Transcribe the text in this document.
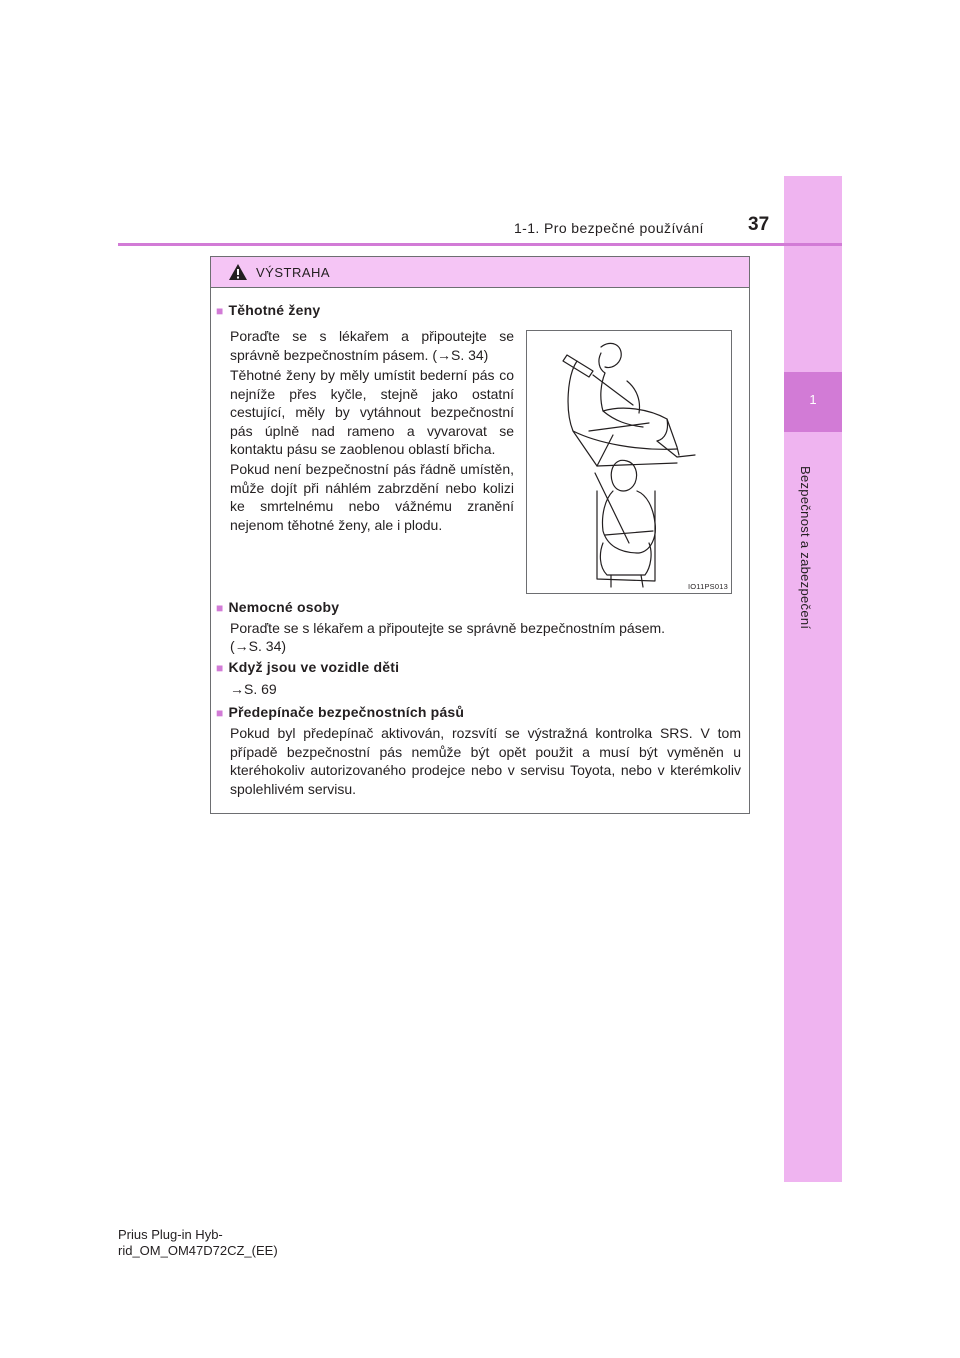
1
Bezpečnost a zabezpečení
1-1. Pro bezpečné používání 37
VÝSTRAHA
■ Těhotné ženy
Poraďte se s lékařem a připoutejte se správně bezpečnostním pásem. (→S. 34)
Těhotné ženy by měly umístit bederní pás co nejníže přes kyčle, stejně jako ostatní cestující, měly by vytáhnout bezpečnostní pás úplně nad rameno a vyvarovat se kontaktu pásu se zaoblenou oblastí břicha.
Pokud není bezpečnostní pás řádně umístěn, může dojít při náhlém zabrzdění nebo kolizi ke smrtelnému nebo vážnému zranění nejenom těhotné ženy, ale i plodu.
IO11PS013
■ Nemocné osoby
Poraďte se s lékařem a připoutejte se správně bezpečnostním pásem.
(→S. 34)
■ Když jsou ve vozidle děti
→S. 69
■ Předepínače bezpečnostních pásů
Pokud byl předepínač aktivován, rozsvítí se výstražná kontrolka SRS. V tom případě bezpečnostní pás nemůže být opět použit a musí být vyměněn u kteréhokoliv autorizovaného prodejce nebo v servisu Toyota, nebo v kterémkoliv spolehlivém servisu.
Prius Plug-in Hyb-
rid_OM_OM47D72CZ_(EE)
